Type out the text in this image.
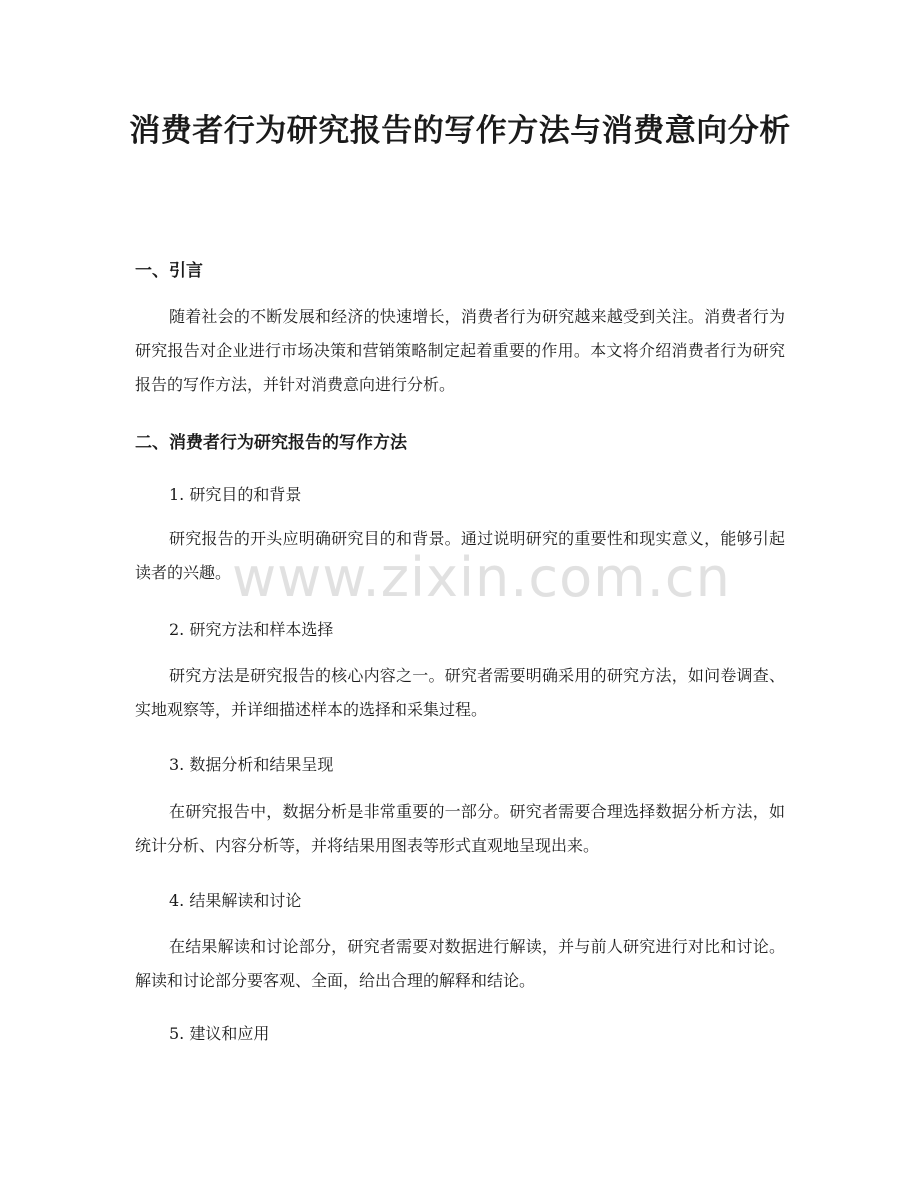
消费者行为研究报告的写作方法与消费意向分析
一、引言

随着社会的不断发展和经济的快速增长，消费者行为研究越来越受到关注。消费者行为研究报告对企业进行市场决策和营销策略制定起着重要的作用。本文将介绍消费者行为研究报告的写作方法，并针对消费意向进行分析。

二、消费者行为研究报告的写作方法

1. 研究目的和背景

研究报告的开头应明确研究目的和背景。通过说明研究的重要性和现实意义，能够引起读者的兴趣。

2. 研究方法和样本选择

研究方法是研究报告的核心内容之一。研究者需要明确采用的研究方法，如问卷调查、实地观察等，并详细描述样本的选择和采集过程。

3. 数据分析和结果呈现

在研究报告中，数据分析是非常重要的一部分。研究者需要合理选择数据分析方法，如统计分析、内容分析等，并将结果用图表等形式直观地呈现出来。

4. 结果解读和讨论

在结果解读和讨论部分，研究者需要对数据进行解读，并与前人研究进行对比和讨论。解读和讨论部分要客观、全面，给出合理的解释和结论。

5. 建议和应用

www.zixin.com.cn
